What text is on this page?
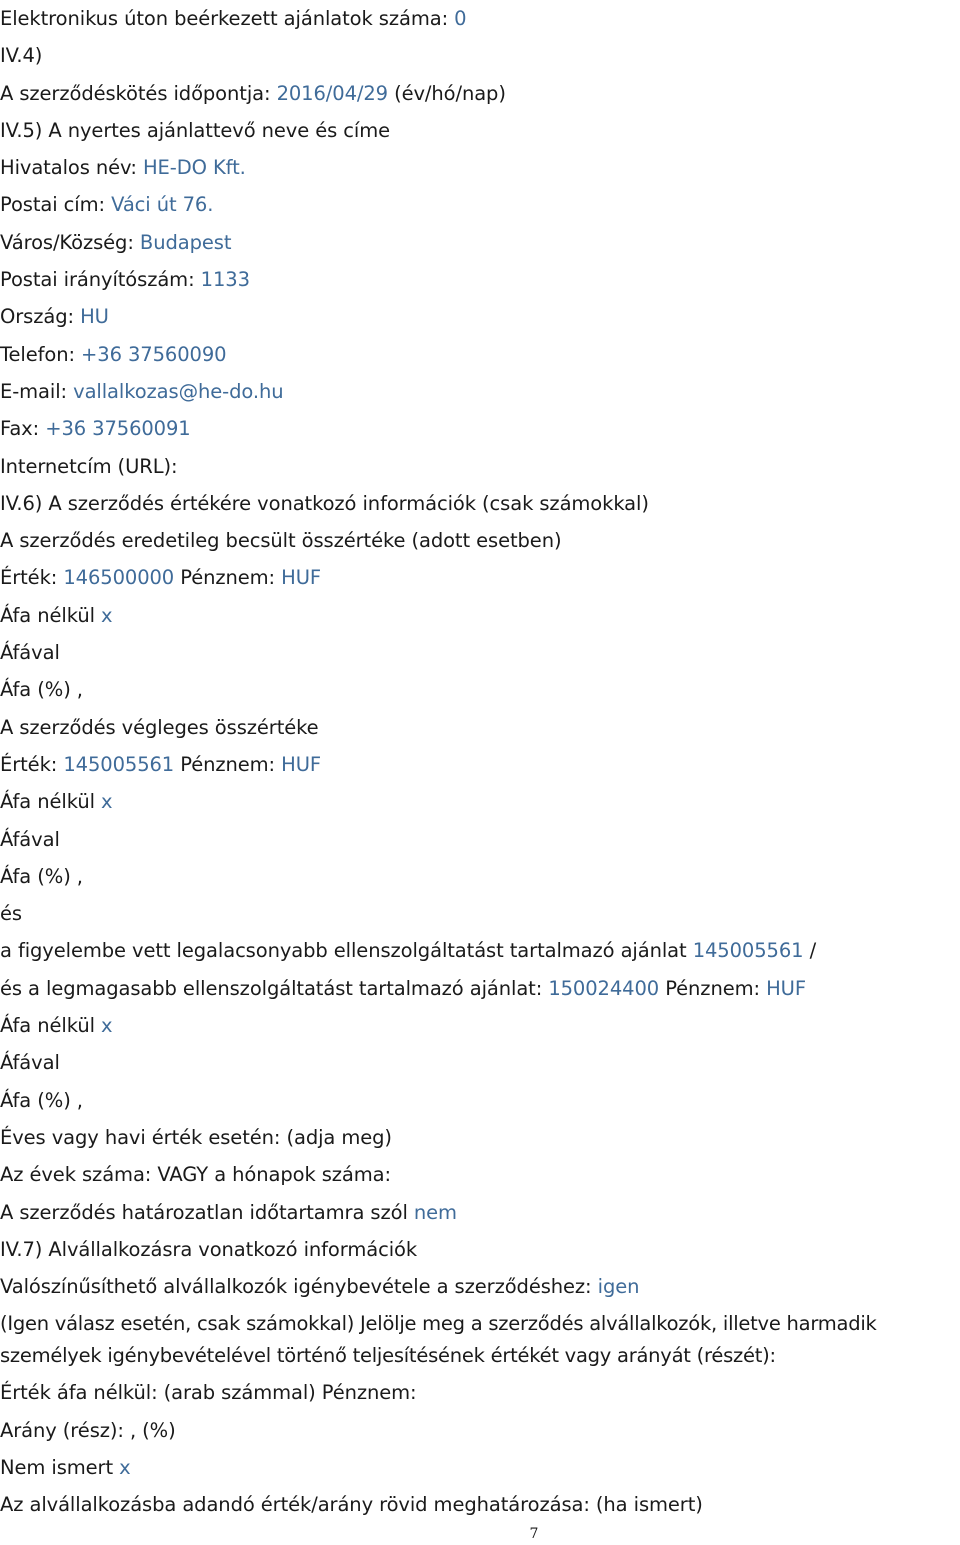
Elektronikus úton beérkezett ajánlatok száma: 0
IV.4)
A szerződéskötés időpontja: 2016/04/29 (év/hó/nap)
IV.5) A nyertes ajánlattevő neve és címe
Hivatalos név: HE-DO Kft.
Postai cím: Váci út 76.
Város/Község: Budapest
Postai irányítószám: 1133
Ország: HU
Telefon: +36 37560090
E-mail: vallalkozas@he-do.hu
Fax: +36 37560091
Internetcím (URL):
IV.6) A szerződés értékére vonatkozó információk (csak számokkal)
A szerződés eredetileg becsült összértéke (adott esetben)
Érték: 146500000 Pénznem: HUF
Áfa nélkül x
Áfával
Áfa (%) ,
A szerződés végleges összértéke
Érték: 145005561 Pénznem: HUF
Áfa nélkül x
Áfával
Áfa (%) ,
és
a figyelembe vett legalacsonyabb ellenszolgáltatást tartalmazó ajánlat 145005561 /
és a legmagasabb ellenszolgáltatást tartalmazó ajánlat: 150024400 Pénznem: HUF
Áfa nélkül x
Áfával
Áfa (%) ,
Éves vagy havi érték esetén: (adja meg)
Az évek száma: VAGY a hónapok száma:
A szerződés határozatlan időtartamra szól nem
IV.7) Alvállalkozásra vonatkozó információk
Valószínűsíthető alvállalkozók igénybevétele a szerződéshez: igen
(Igen válasz esetén, csak számokkal) Jelölje meg a szerződés alvállalkozók, illetve harmadik személyek igénybevételével történő teljesítésének értékét vagy arányát (részét):
Érték áfa nélkül: (arab számmal) Pénznem:
Arány (rész): , (%)
Nem ismert x
Az alvállalkozásba adandó érték/arány rövid meghatározása: (ha ismert)
7
